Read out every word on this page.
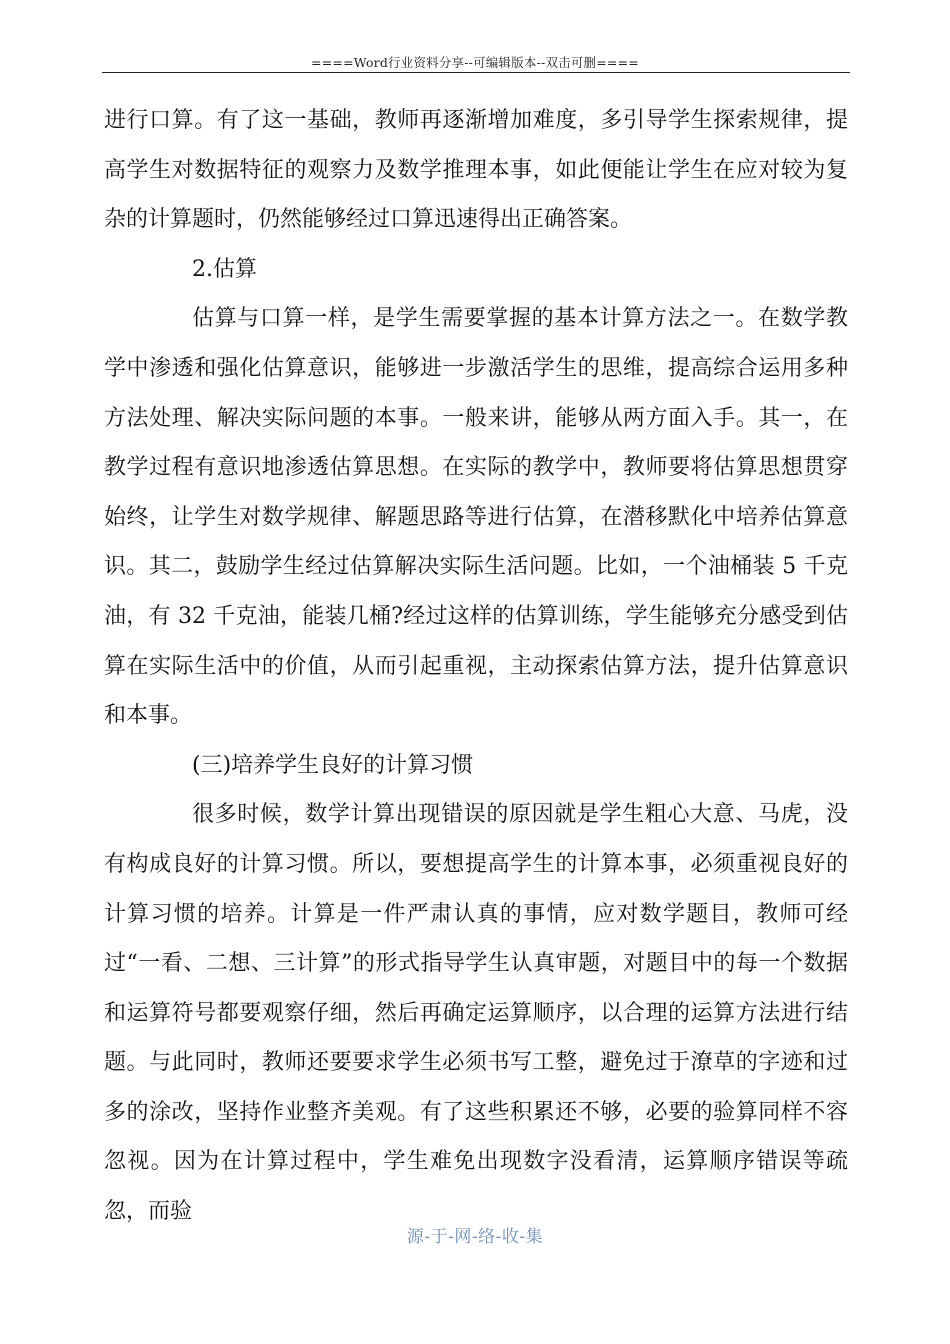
====Word行业资料分享--可编辑版本--双击可删====

进行口算。有了这一基础，教师再逐渐增加难度，多引导学生探索规律，提高学生对数据特征的观察力及数学推理本事，如此便能让学生在应对较为复杂的计算题时，仍然能够经过口算迅速得出正确答案。

2.估算

估算与口算一样，是学生需要掌握的基本计算方法之一。在数学教学中渗透和强化估算意识，能够进一步激活学生的思维，提高综合运用多种方法处理、解决实际问题的本事。一般来讲，能够从两方面入手。其一，在教学过程有意识地渗透估算思想。在实际的教学中，教师要将估算思想贯穿始终，让学生对数学规律、解题思路等进行估算，在潜移默化中培养估算意识。其二，鼓励学生经过估算解决实际生活问题。比如，一个油桶装 5 千克油，有 32 千克油，能装几桶?经过这样的估算训练，学生能够充分感受到估算在实际生活中的价值，从而引起重视，主动探索估算方法，提升估算意识和本事。

(三)培养学生良好的计算习惯

很多时候，数学计算出现错误的原因就是学生粗心大意、马虎，没有构成良好的计算习惯。所以，要想提高学生的计算本事，必须重视良好的计算习惯的培养。计算是一件严肃认真的事情，应对数学题目，教师可经过“一看、二想、三计算”的形式指导学生认真审题，对题目中的每一个数据和运算符号都要观察仔细，然后再确定运算顺序，以合理的运算方法进行结题。与此同时，教师还要要求学生必须书写工整，避免过于潦草的字迹和过多的涂改，坚持作业整齐美观。有了这些积累还不够，必要的验算同样不容忽视。因为在计算过程中，学生难免出现数字没看清，运算顺序错误等疏忽，而验

源-于-网-络-收-集
